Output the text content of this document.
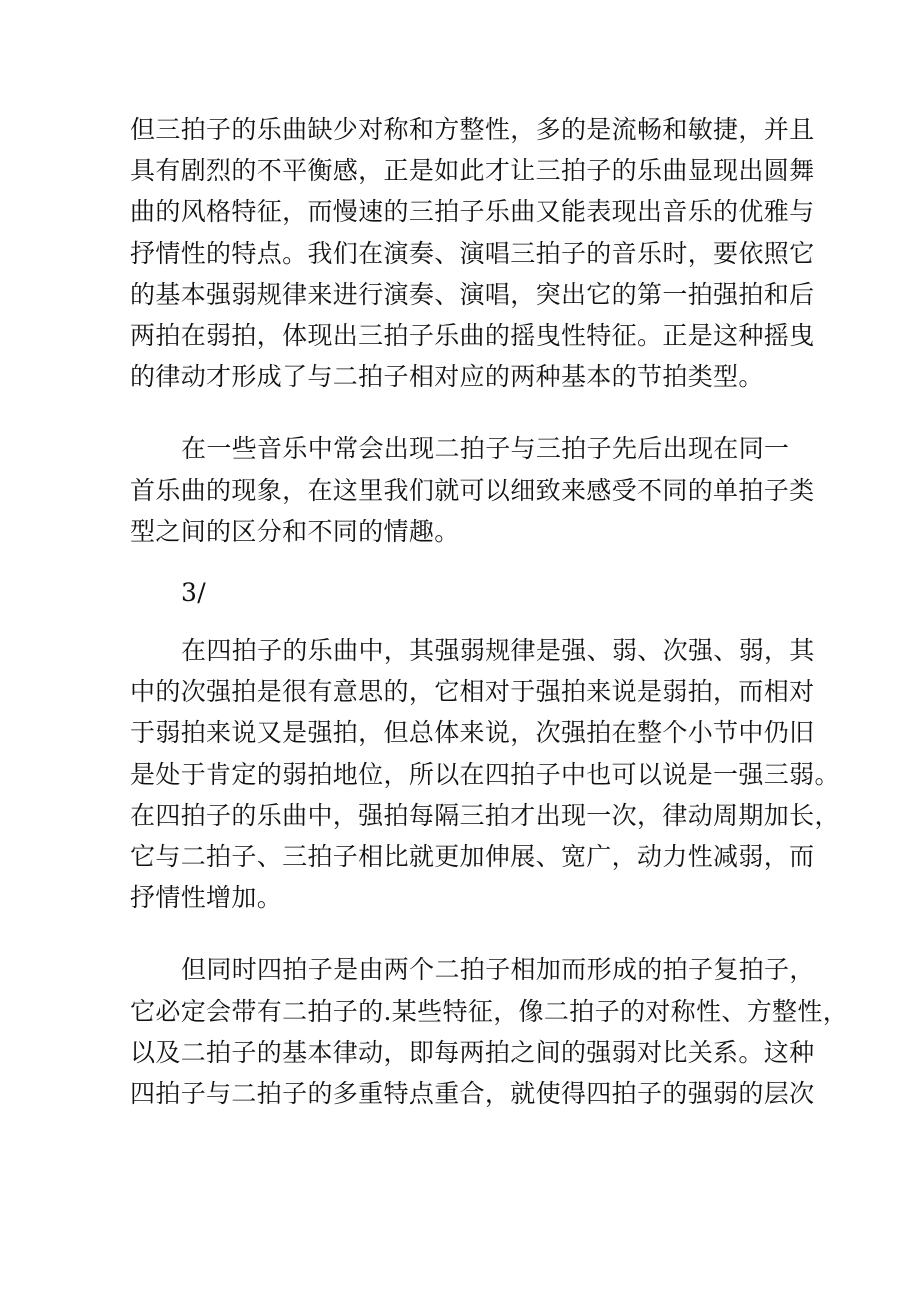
但三拍子的乐曲缺少对称和方整性，多的是流畅和敏捷，并且
具有剧烈的不平衡感，正是如此才让三拍子的乐曲显现出圆舞
曲的风格特征，而慢速的三拍子乐曲又能表现出音乐的优雅与
抒情性的特点。我们在演奏、演唱三拍子的音乐时，要依照它
的基本强弱规律来进行演奏、演唱，突出它的第一拍强拍和后
两拍在弱拍，体现出三拍子乐曲的摇曳性特征。正是这种摇曳
的律动才形成了与二拍子相对应的两种基本的节拍类型。
在一些音乐中常会出现二拍子与三拍子先后出现在同一
首乐曲的现象，在这里我们就可以细致来感受不同的单拍子类
型之间的区分和不同的情趣。
3/
在四拍子的乐曲中，其强弱规律是强、弱、次强、弱，其
中的次强拍是很有意思的，它相对于强拍来说是弱拍，而相对
于弱拍来说又是强拍，但总体来说，次强拍在整个小节中仍旧
是处于肯定的弱拍地位，所以在四拍子中也可以说是一强三弱。
在四拍子的乐曲中，强拍每隔三拍才出现一次，律动周期加长，
它与二拍子、三拍子相比就更加伸展、宽广，动力性减弱，而
抒情性增加。
但同时四拍子是由两个二拍子相加而形成的拍子复拍子，
它必定会带有二拍子的.某些特征，像二拍子的对称性、方整性，
以及二拍子的基本律动，即每两拍之间的强弱对比关系。这种
四拍子与二拍子的多重特点重合，就使得四拍子的强弱的层次
